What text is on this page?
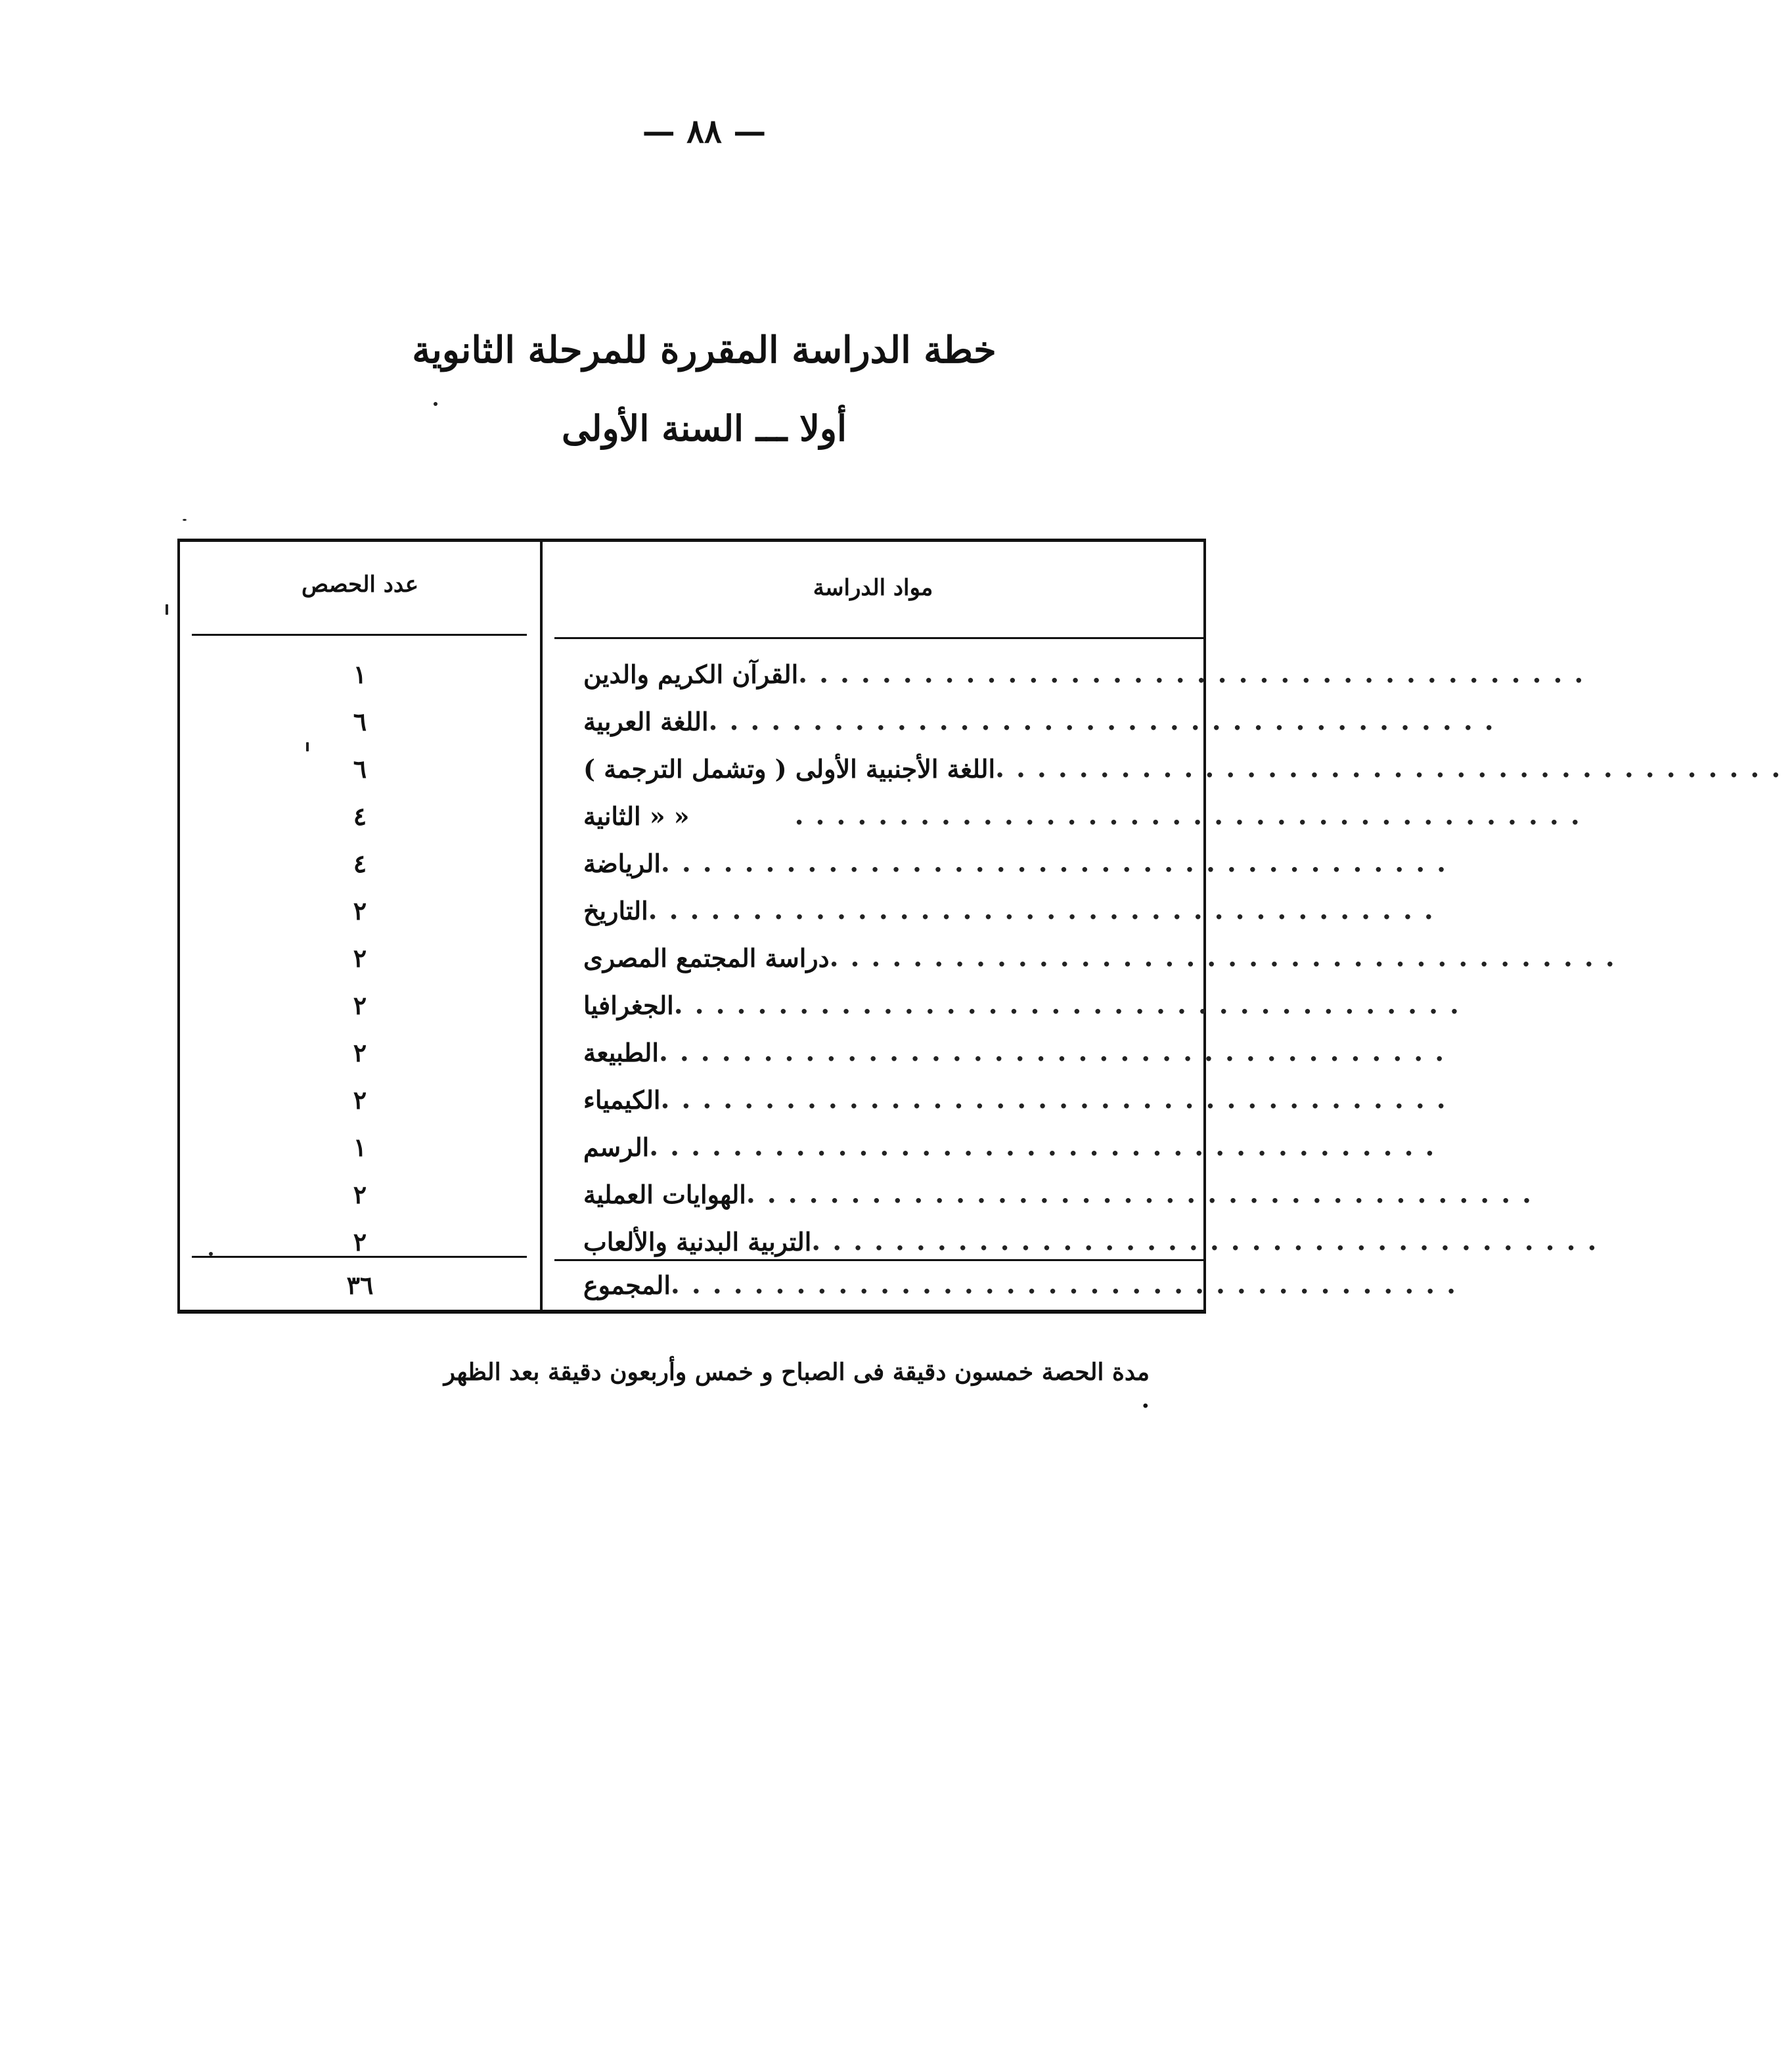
— ٨٨ —
خطة الدراسة المقررة للمرحلة الثانوية
أولا ـــ السنة الأولى
عدد الحصص	مواد الدراسة
القرآن الكريم والدين ......................................
١
اللغة العربية ......................................
٦
اللغة الأجنبية الأولى ( وتشمل الترجمة ) ......................................
٦
« « الثانية	......................................
٤
الرياضة ......................................
٤
التاريخ ......................................
٢
دراسة المجتمع المصرى ......................................
٢
الجغرافيا ......................................
٢
الطبيعة ......................................
٢
الكيمياء ......................................
٢
الرسم ......................................
١
الهوايات العملية ......................................
٢
التربية البدنية والألعاب ......................................
٢
المجموع ......................................
٣٦
مدة الحصة خمسون دقيقة فى الصباح و خمس وأربعون دقيقة بعد الظهر .
